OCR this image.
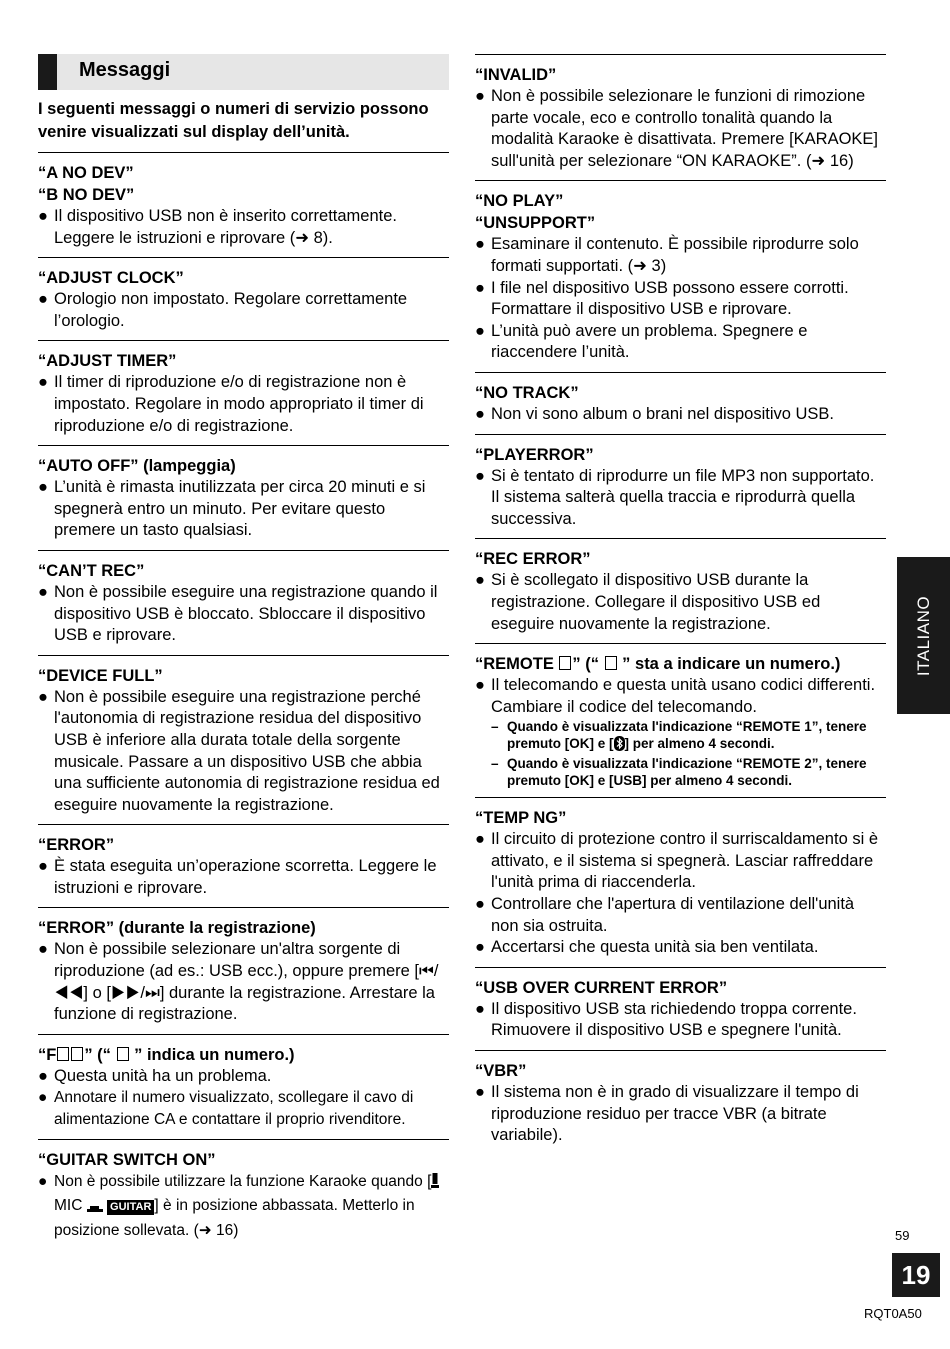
Messaggi
I seguenti messaggi o numeri di servizio possono venire visualizzati sul display dell’unità.
“A NO DEV”
“B NO DEV”
● Il dispositivo USB non è inserito correttamente. Leggere le istruzioni e riprovare (➜ 8).
“ADJUST CLOCK”
● Orologio non impostato. Regolare correttamente l’orologio.
“ADJUST TIMER”
● Il timer di riproduzione e/o di registrazione non è impostato. Regolare in modo appropriato il timer di riproduzione e/o di registrazione.
“AUTO OFF” (lampeggia)
● L’unità è rimasta inutilizzata per circa 20 minuti e si spegnerà entro un minuto. Per evitare questo premere un tasto qualsiasi.
“CAN’T REC”
● Non è possibile eseguire una registrazione quando il dispositivo USB è bloccato. Sbloccare il dispositivo USB e riprovare.
“DEVICE FULL”
● Non è possibile eseguire una registrazione perché l'autonomia di registrazione residua del dispositivo USB è inferiore alla durata totale della sorgente musicale. Passare a un dispositivo USB che abbia una sufficiente autonomia di registrazione residua ed eseguire nuovamente la registrazione.
“ERROR”
● È stata eseguita un’operazione scorretta. Leggere le istruzioni e riprovare.
“ERROR” (durante la registrazione)
● Non è possibile selezionare un'altra sorgente di riproduzione (ad es.: USB ecc.), oppure premere [⏮/◀◀] o [▶▶/⏭] durante la registrazione. Arrestare la funzione di registrazione.
“F ” (“ ” indica un numero.)
● Questa unità ha un problema.
● Annotare il numero visualizzato, scollegare il cavo di alimentazione CA e contattare il proprio rivenditore.
“GUITAR SWITCH ON”
● Non è possibile utilizzare la funzione Karaoke quando [ MIC	GUITAR ] è in posizione abbassata. Metterlo in posizione sollevata. (➜ 16)
“INVALID”
● Non è possibile selezionare le funzioni di rimozione parte vocale, eco e controllo tonalità quando la modalità Karaoke è disattivata. Premere [KARAOKE] sull'unità per selezionare “ON KARAOKE”. (➜ 16)
“NO PLAY”
“UNSUPPORT”
● Esaminare il contenuto. È possibile riprodurre solo formati supportati. (➜ 3)
● I file nel dispositivo USB possono essere corrotti. Formattare il dispositivo USB e riprovare.
● L’unità può avere un problema. Spegnere e riaccendere l’unità.
“NO TRACK”
● Non vi sono album o brani nel dispositivo USB.
“PLAYERROR”
● Si è tentato di riprodurre un file MP3 non supportato. Il sistema salterà quella traccia e riprodurrà quella successiva.
“REC ERROR”
● Si è scollegato il dispositivo USB durante la registrazione. Collegare il dispositivo USB ed eseguire nuovamente la registrazione.
“REMOTE ” (“  ” sta a indicare un numero.)
● Il telecomando e questa unità usano codici differenti. Cambiare il codice del telecomando.
– Quando è visualizzata l'indicazione “REMOTE 1”, tenere premuto [OK] e [ ] per almeno 4 secondi.
– Quando è visualizzata l'indicazione “REMOTE 2”, tenere premuto [OK] e [USB] per almeno 4 secondi.
“TEMP NG”
● Il circuito di protezione contro il surriscaldamento si è attivato, e il sistema si spegnerà. Lasciar raffreddare l'unità prima di riaccenderla.
● Controllare che l'apertura di ventilazione dell'unità non sia ostruita.
● Accertarsi che questa unità sia ben ventilata.
“USB OVER CURRENT ERROR”
● Il dispositivo USB sta richiedendo troppa corrente. Rimuovere il dispositivo USB e spegnere l'unità.
“VBR”
● Il sistema non è in grado di visualizzare il tempo di riproduzione residuo per tracce VBR (a bitrate variabile).
ITALIANO
59
19
RQT0A50
